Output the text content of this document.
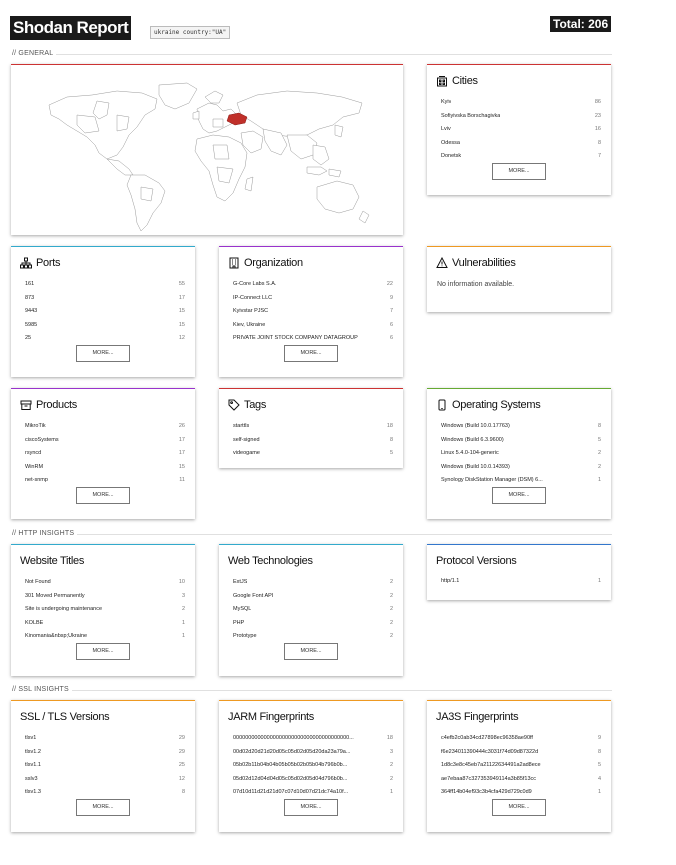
Shodan Report	ukraine country:"UA"
Total: 206
// GENERAL
Cities
Kyiv	86
Sofiyivska Borschagivka	23
Lviv	16
Odessa	8
Donetsk	7
MORE...
Ports
161	55
873	17
9443	15
5985	15
25	12
MORE...
Organization
G-Core Labs S.A.	22
IP-Connect LLC	9
Kyivstar PJSC	7
Kiev, Ukraine	6
PRIVATE JOINT STOCK COMPANY DATAGROUP	6
MORE...
Vulnerabilities
No information available.
Products
MikroTik	26
ciscoSystems	17
rsyncd	17
WinRM	15
net-snmp	11
MORE...
Tags
starttls	18
self-signed	8
videogame	5
Operating Systems
Windows (Build 10.0.17763)	8
Windows (Build 6.3.9600)	5
Linux 5.4.0-104-generic	2
Windows (Build 10.0.14393)	2
Synology DiskStation Manager (DSM) 6...	1
MORE...
// HTTP INSIGHTS
Website Titles
Not Found	10
301 Moved Permanently	3
Site is undergoing maintenance	2
KOLBE	1
Kinomania&nbsp;Ukraine	1
MORE...
Web Technologies
ExtJS	2
Google Font API	2
MySQL	2
PHP	2
Prototype	2
MORE...
Protocol Versions
http/1.1	1
// SSL INSIGHTS
SSL / TLS Versions
tlsv1	29
tlsv1.2	29
tlsv1.1	25
sslv3	12
tlsv1.3	8
MORE...
JARM Fingerprints
00000000000000000000000000000000000000...	18
00d02d20d21d20d05c05d02d05d20da23a79a...	3
05b02b11b04b04b05b05b02b05b04b796b0b...	2
05d02d12d04d04d05c05d02d05d04d796b0b...	2
07d10d11d21d21d07c07d10d07d21dc74a10f...	1
MORE...
JA3S Fingerprints
c4efb2c0ab34cd27898ec96358ae90ff	9
f6e234011390444c3031f74d09d87322d	8
1d8c3e8c45eb7a21122634491a2ad8ece	5
ae7ebaa87c327353949114a3b85f13cc	4
364ff14b04ef93c3b4cfa429d729c0d9	1
MORE...
